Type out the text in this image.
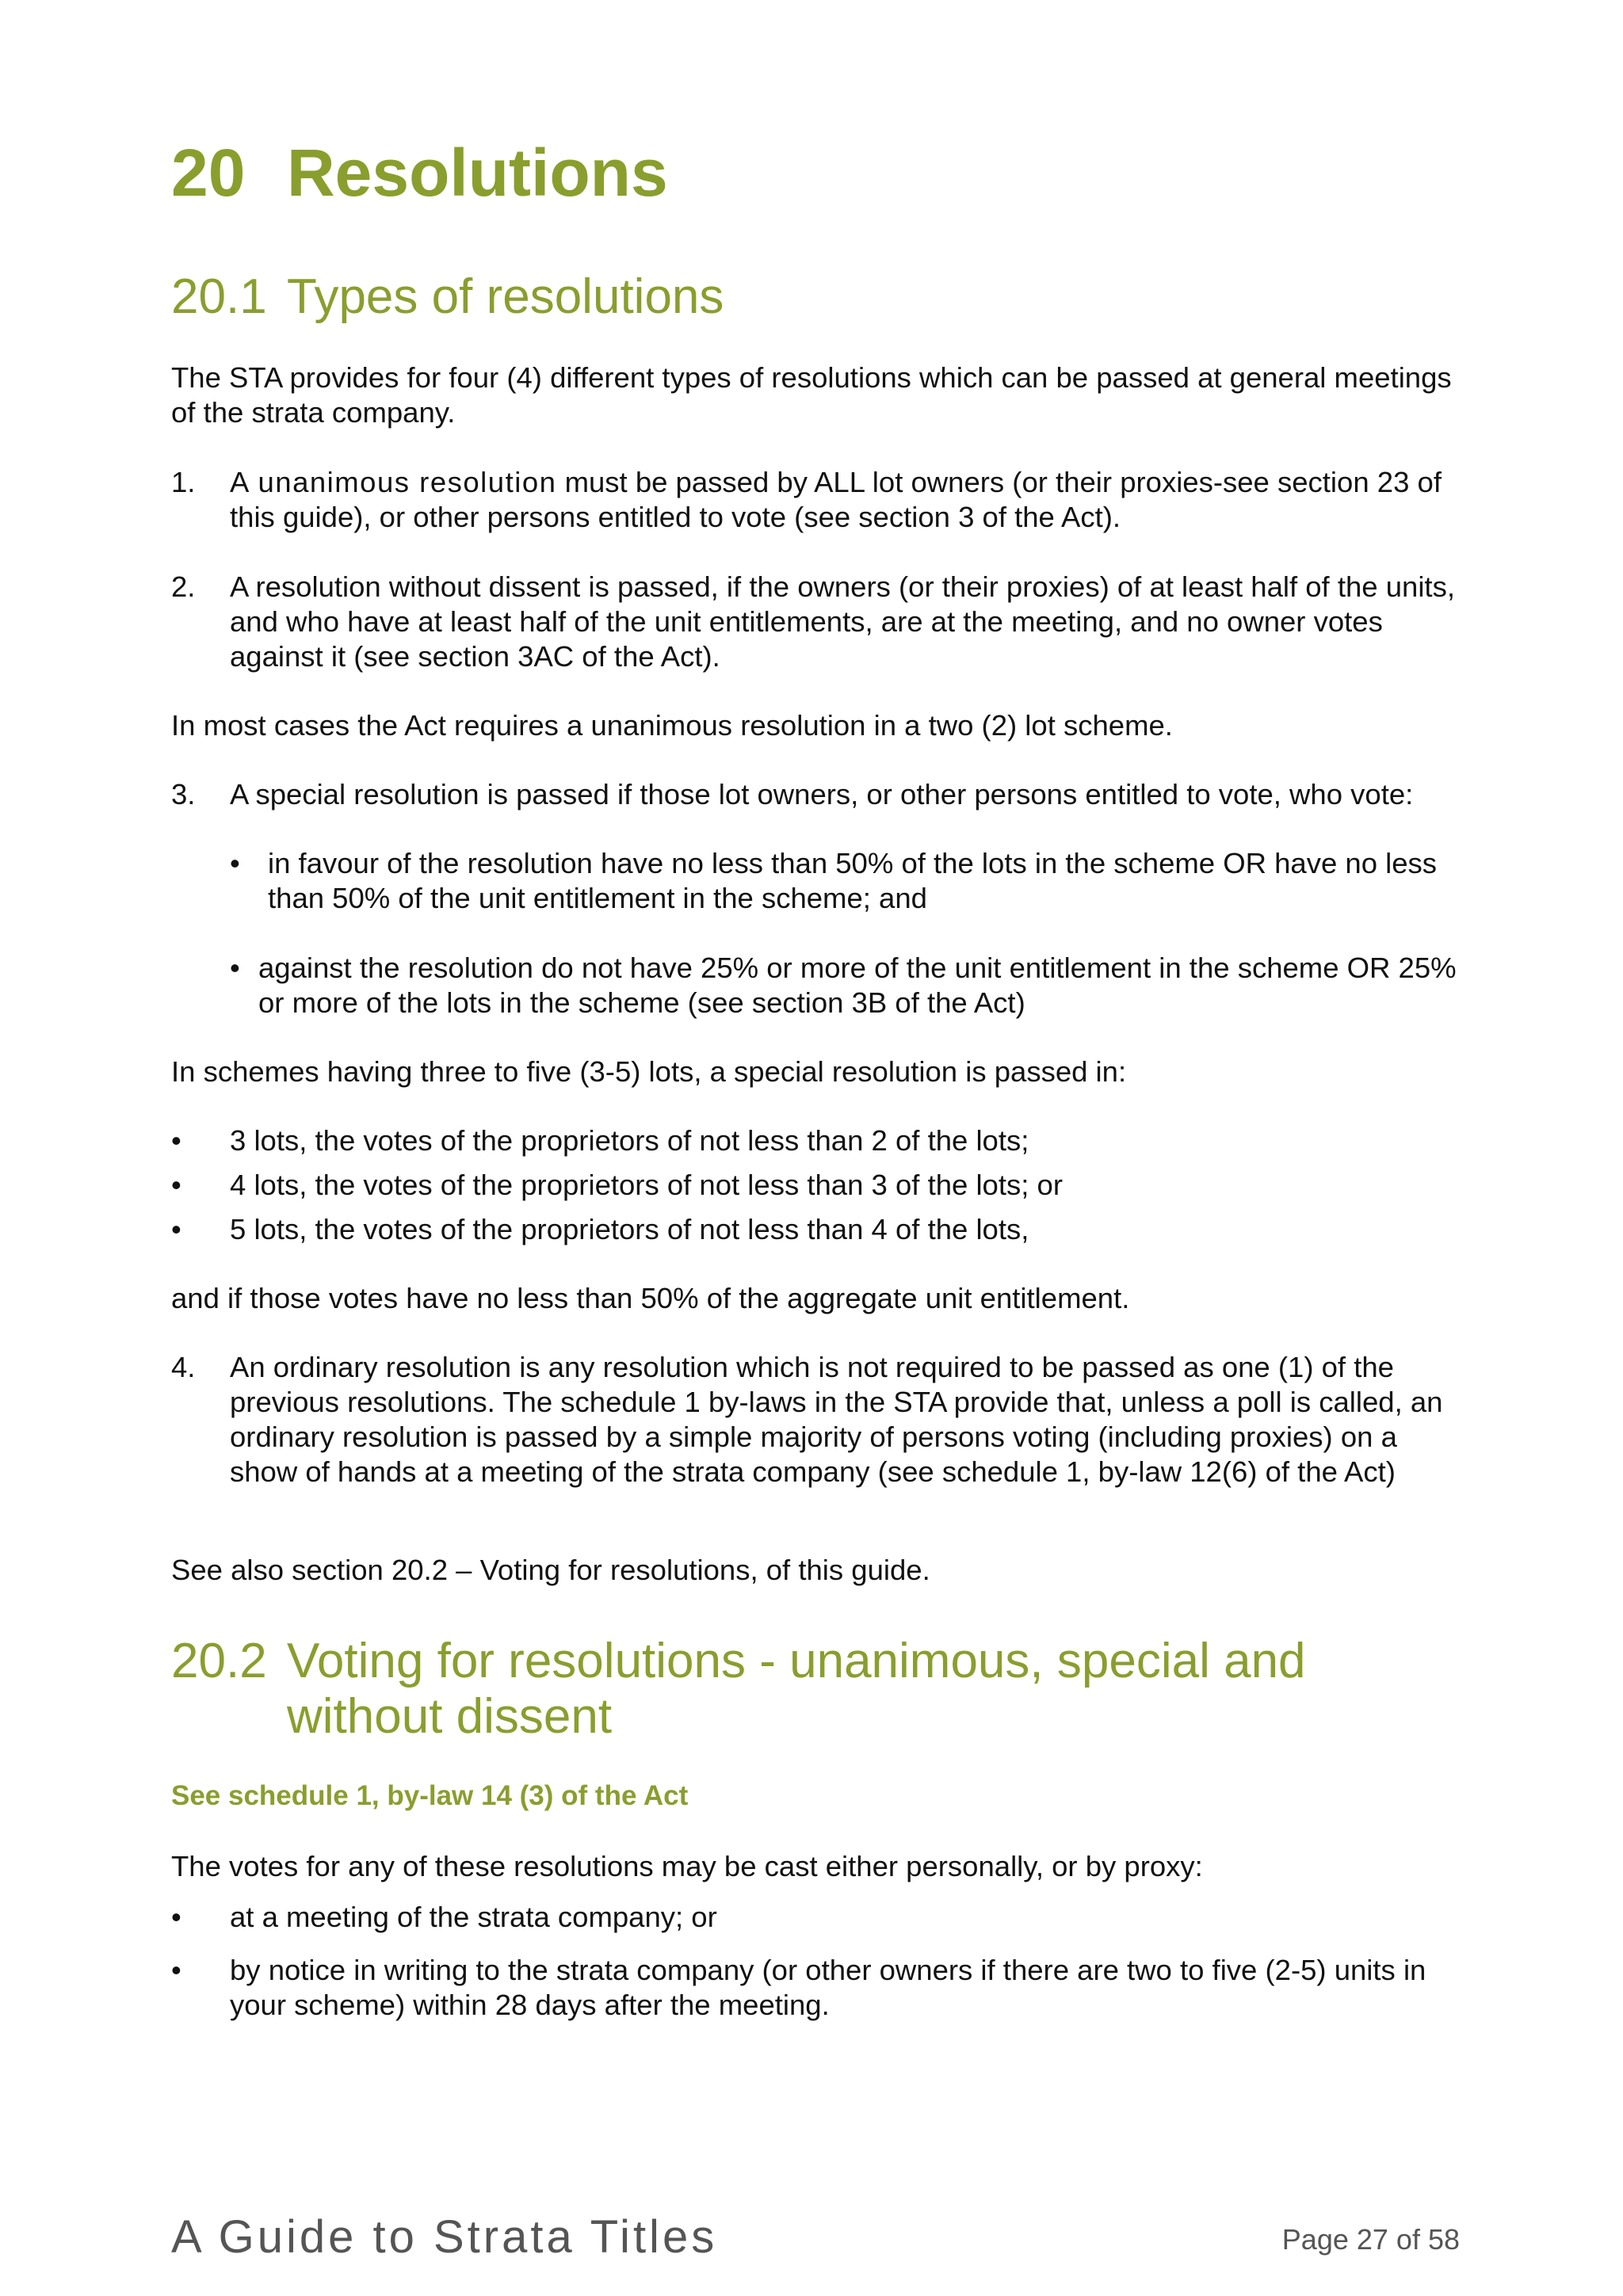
20 Resolutions
20.1 Types of resolutions
The STA provides for four (4) different types of resolutions which can be passed at general meetings of the strata company.
1. A unanimous resolution must be passed by ALL lot owners (or their proxies-see section 23 of this guide), or other persons entitled to vote (see section 3 of the Act).
2. A resolution without dissent is passed, if the owners (or their proxies) of at least half of the units, and who have at least half of the unit entitlements, are at the meeting, and no owner votes against it (see section 3AC of the Act).
In most cases the Act requires a unanimous resolution in a two (2) lot scheme.
3. A special resolution is passed if those lot owners, or other persons entitled to vote, who vote:
• in favour of the resolution have no less than 50% of the lots in the scheme OR have no less than 50% of the unit entitlement in the scheme; and
• against the resolution do not have 25% or more of the unit entitlement in the scheme OR 25% or more of the lots in the scheme (see section 3B of the Act)
In schemes having three to five (3-5) lots, a special resolution is passed in:
• 3 lots, the votes of the proprietors of not less than 2 of the lots;
• 4 lots, the votes of the proprietors of not less than 3 of the lots; or
• 5 lots, the votes of the proprietors of not less than 4 of the lots,
and if those votes have no less than 50% of the aggregate unit entitlement.
4. An ordinary resolution is any resolution which is not required to be passed as one (1) of the previous resolutions. The schedule 1 by-laws in the STA provide that, unless a poll is called, an ordinary resolution is passed by a simple majority of persons voting (including proxies) on a show of hands at a meeting of the strata company (see schedule 1, by-law 12(6) of the Act)
See also section 20.2 – Voting for resolutions, of this guide.
20.2 Voting for resolutions - unanimous, special and without dissent
See schedule 1, by-law 14 (3) of the Act
The votes for any of these resolutions may be cast either personally, or by proxy:
• at a meeting of the strata company; or
• by notice in writing to the strata company (or other owners if there are two to five (2-5) units in your scheme) within 28 days after the meeting.
A Guide to Strata Titles	Page 27 of 58
